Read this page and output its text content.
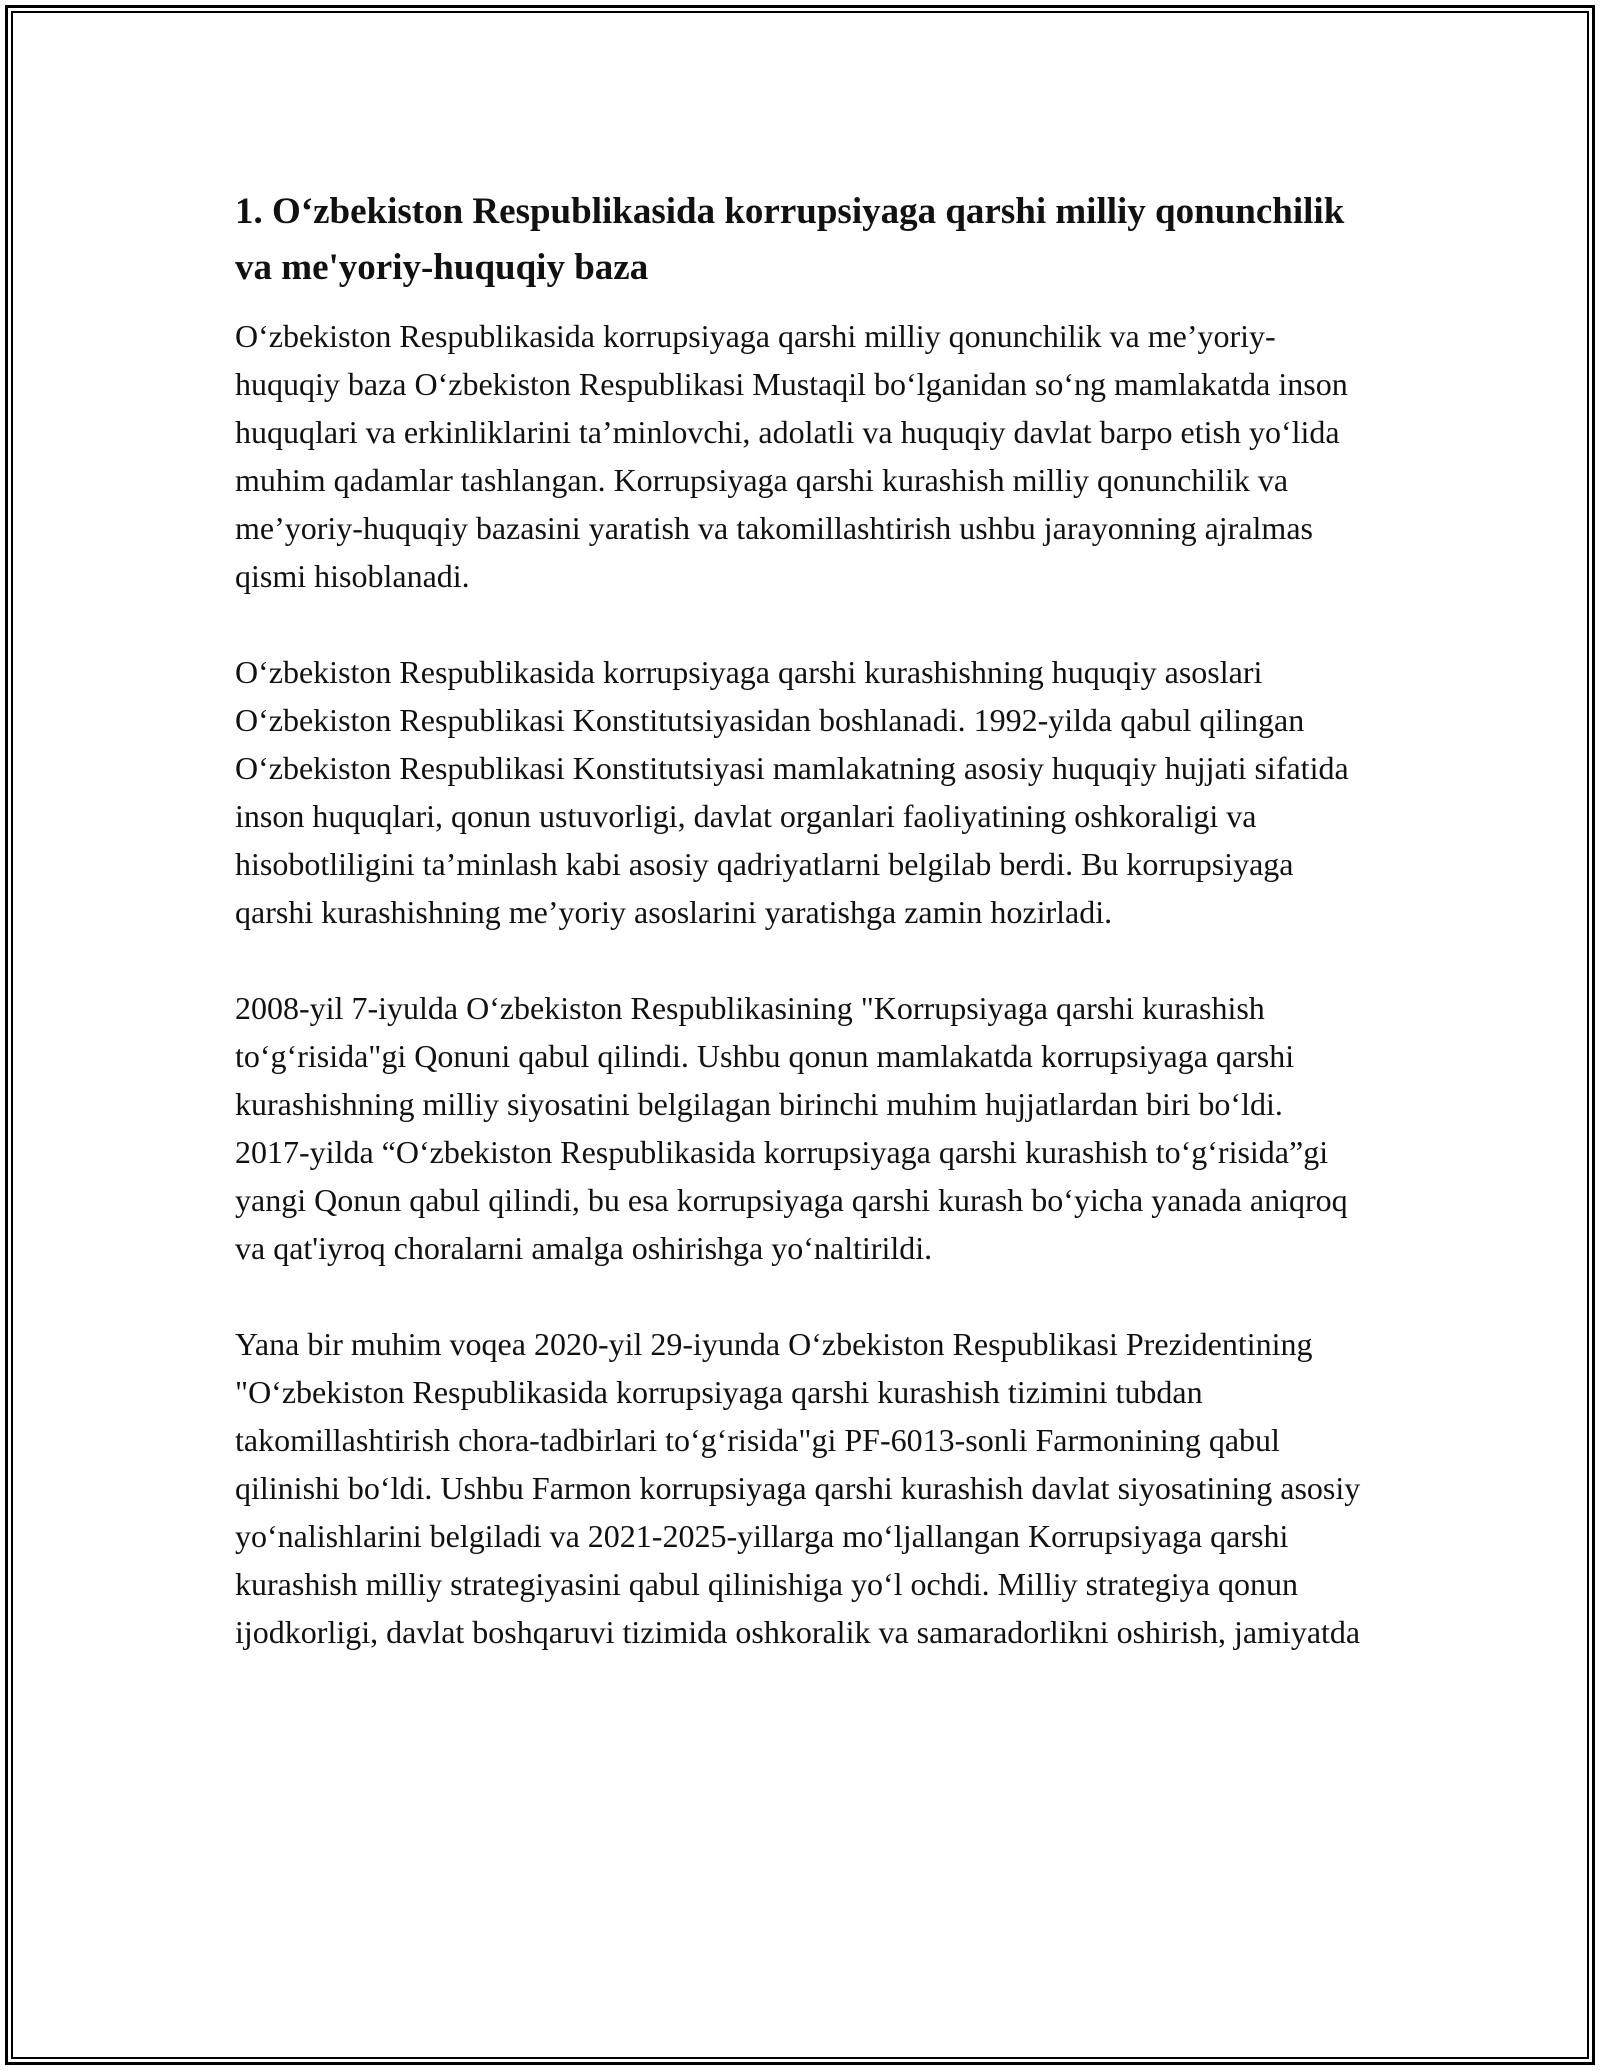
1. O‘zbekiston Respublikasida korrupsiyaga qarshi milliy qonunchilik va me'yoriy-huquqiy baza

O‘zbekiston Respublikasida korrupsiyaga qarshi milliy qonunchilik va me’yoriy-huquqiy baza O‘zbekiston Respublikasi Mustaqil bo‘lganidan so‘ng mamlakatda inson huquqlari va erkinliklarini ta’minlovchi, adolatli va huquqiy davlat barpo etish yo‘lida muhim qadamlar tashlangan. Korrupsiyaga qarshi kurashish milliy qonunchilik va me’yoriy-huquqiy bazasini yaratish va takomillashtirish ushbu jarayonning ajralmas qismi hisoblanadi.

O‘zbekiston Respublikasida korrupsiyaga qarshi kurashishning huquqiy asoslari O‘zbekiston Respublikasi Konstitutsiyasidan boshlanadi. 1992-yilda qabul qilingan O‘zbekiston Respublikasi Konstitutsiyasi mamlakatning asosiy huquqiy hujjati sifatida inson huquqlari, qonun ustuvorligi, davlat organlari faoliyatining oshkoraligi va hisobotliligini ta’minlash kabi asosiy qadriyatlarni belgilab berdi. Bu korrupsiyaga qarshi kurashishning me’yoriy asoslarini yaratishga zamin hozirladi.

2008-yil 7-iyulda O‘zbekiston Respublikasining "Korrupsiyaga qarshi kurashish to‘g‘risida"gi Qonuni qabul qilindi. Ushbu qonun mamlakatda korrupsiyaga qarshi kurashishning milliy siyosatini belgilagan birinchi muhim hujjatlardan biri bo‘ldi. 2017-yilda “O‘zbekiston Respublikasida korrupsiyaga qarshi kurashish to‘g‘risida”gi yangi Qonun qabul qilindi, bu esa korrupsiyaga qarshi kurash bo‘yicha yanada aniqroq va qat'iyroq choralarni amalga oshirishga yo‘naltirildi.

Yana bir muhim voqea 2020-yil 29-iyunda O‘zbekiston Respublikasi Prezidentining "O‘zbekiston Respublikasida korrupsiyaga qarshi kurashish tizimini tubdan takomillashtirish chora-tadbirlari to‘g‘risida"gi PF-6013-sonli Farmonining qabul qilinishi bo‘ldi. Ushbu Farmon korrupsiyaga qarshi kurashish davlat siyosatining asosiy yo‘nalishlarini belgiladi va 2021-2025-yillarga mo‘ljallangan Korrupsiyaga qarshi kurashish milliy strategiyasini qabul qilinishiga yo‘l ochdi. Milliy strategiya qonun ijodkorligi, davlat boshqaruvi tizimida oshkoralik va samaradorlikni oshirish, jamiyatda
